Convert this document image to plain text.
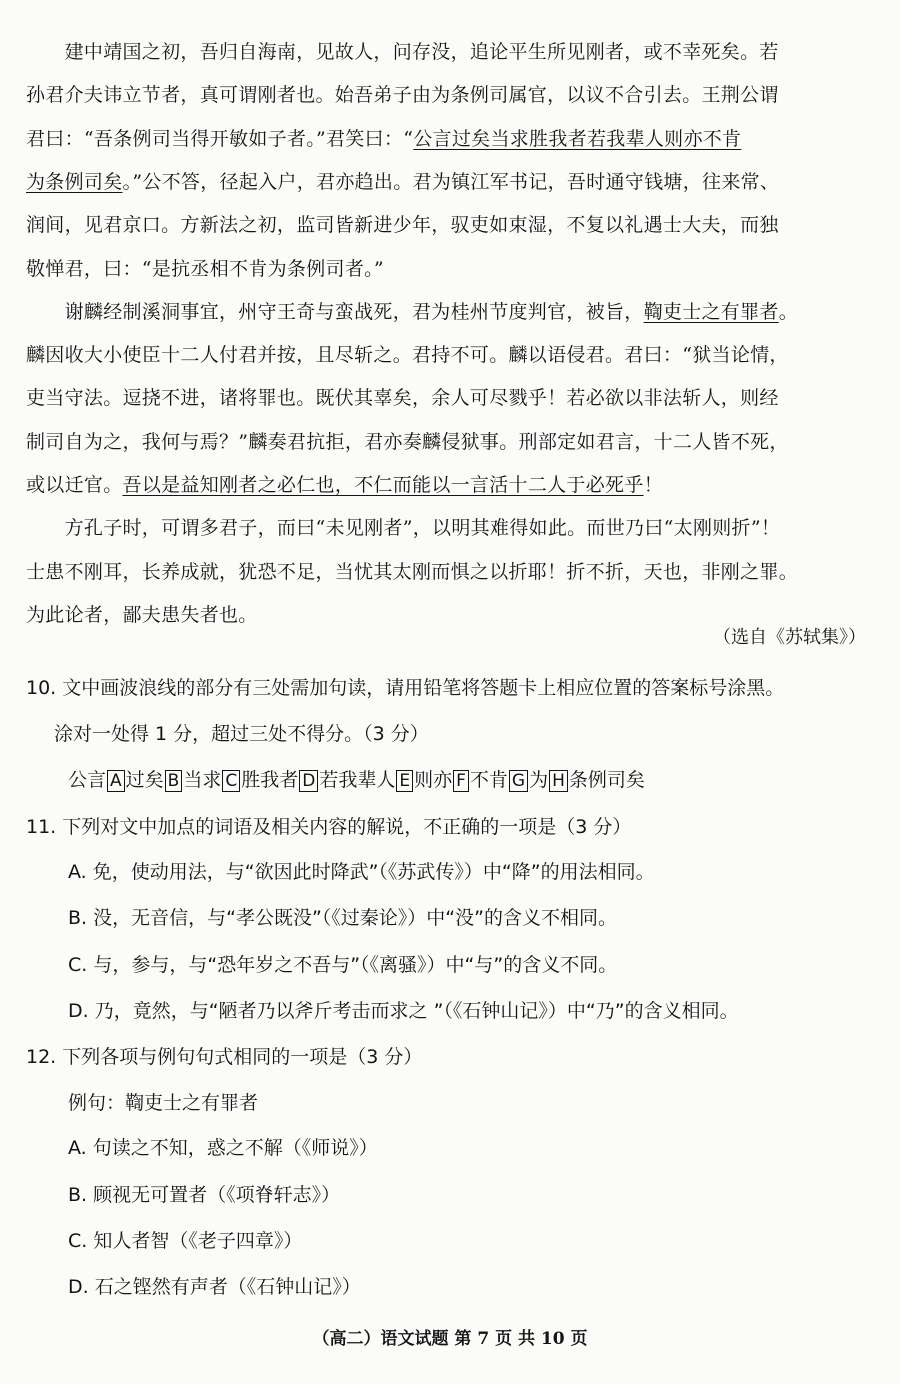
　　建中靖国之初，吾归自海南，见故人，问存没，追论平生所见刚者，或不幸死矣。若
孙君介夫讳立节者，真可谓刚者也。始吾弟子由为条例司属官，以议不合引去。王荆公谓
君曰：“吾条例司当得开敏如子者。”君笑曰：“公言过矣当求胜我者若我辈人则亦不肯
为条例司矣。”公不答，径起入户，君亦趋出。君为镇江军书记，吾时通守钱塘，往来常、
润间，见君京口。方新法之初，监司皆新进少年，驭吏如束湿，不复以礼遇士大夫，而独
敬惮君，曰：“是抗丞相不肯为条例司者。”
　　谢麟经制溪洞事宜，州守王奇与蛮战死，君为桂州节度判官，被旨，鞫吏士之有罪者。
麟因收大小使臣十二人付君并按，且尽斩之。君持不可。麟以语侵君。君曰：“狱当论情，
吏当守法。逗挠不进，诸将罪也。既伏其辜矣，余人可尽戮乎！若必欲以非法斩人，则经
制司自为之，我何与焉？”麟奏君抗拒，君亦奏麟侵狱事。刑部定如君言，十二人皆不死，
或以迁官。吾以是益知刚者之必仁也，不仁而能以一言活十二人于必死乎！
　　方孔子时，可谓多君子，而曰“未见刚者”，以明其难得如此。而世乃曰“太刚则折”！
士患不刚耳，长养成就，犹恐不足，当忧其太刚而惧之以折耶！折不折，天也，非刚之罪。
为此论者，鄙夫患失者也。
（选自《苏轼集》）
10. 文中画波浪线的部分有三处需加句读，请用铅笔将答题卡上相应位置的答案标号涂黑。
涂对一处得 1 分，超过三处不得分。（3 分）
公言 A 过矣 B 当求 C 胜我者 D 若我辈人 E 则亦 F 不肯 G 为 H 条例司矣
11. 下列对文中加点的词语及相关内容的解说，不正确的一项是（3 分）
A. 免，使动用法，与“欲因此时降武”（《苏武传》）中“降”的用法相同。
B. 没，无音信，与“孝公既没”（《过秦论》）中“没”的含义不相同。
C. 与，参与，与“恐年岁之不吾与”（《离骚》）中“与”的含义不同。
D. 乃，竟然，与“陋者乃以斧斤考击而求之 ”（《石钟山记》）中“乃”的含义相同。
12. 下列各项与例句句式相同的一项是（3 分）
例句：鞫吏士之有罪者
A. 句读之不知，惑之不解（《师说》）
B. 顾视无可置者（《项脊轩志》）
C. 知人者智（《老子四章》）
D. 石之铿然有声者（《石钟山记》）
（高二）语文试题 第 7 页 共 10 页
